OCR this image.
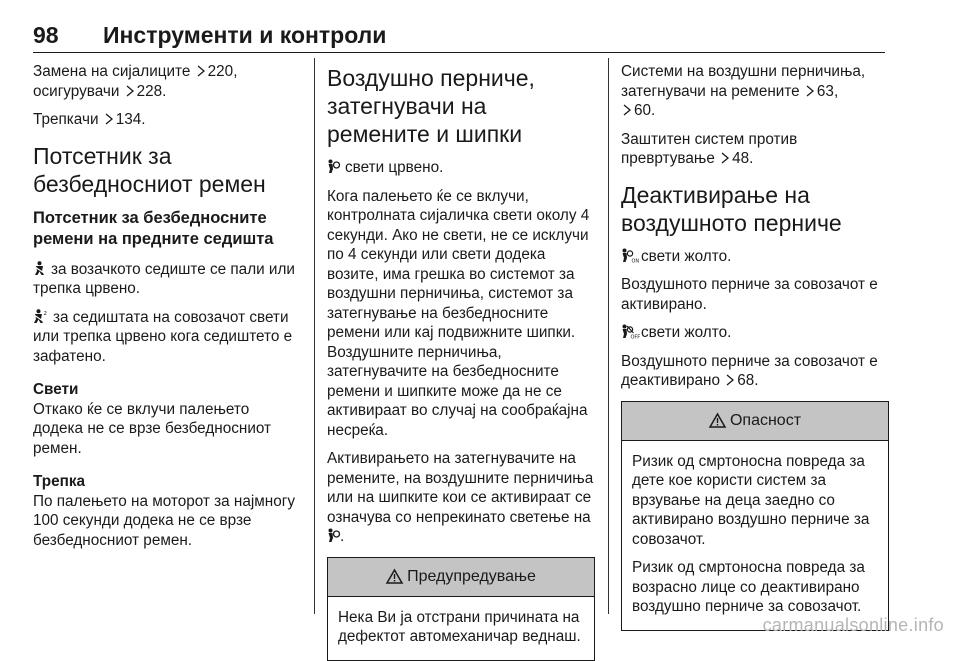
98 Инструменти и контроли

Замена на сијалиците 220,
осигурувачи 228.

Трепкачи 134.

Потсетник за безбедносниот ремен
Потсетник за безбедносните ремени на предните седишта

за возачкото седиште се пали или трепка црвено.

2 за седиштата на совозачот свети или трепка црвено кога седиштето е зафатено.

Свети

Откако ќе се вклучи палењето додека не се врзе безбедносниот ремен.

Трепка

По палењето на моторот за најмногу 100 секунди додека не се врзе безбедносниот ремен.

Воздушно перниче, затегнувачи на ремените и шипки

свети црвено.

Кога палењето ќе се вклучи, контролната сијаличка свети околу 4 секунди. Ако не свети, не се исклучи по 4 секунди или свети додека возите, има грешка во системот за воздушни перничиња, системот за затегнување на безбедносните ремени или кај подвижните шипки. Воздушните перничиња, затегнувачите на безбедносните ремени и шипките може да не се активираат во случај на сообраќајна несреќа.

Активирањето на затегнувачите на ремените, на воздушните перничиња или на шипките кои се активираат се означува со непрекинато светење на
.

Предупредување

Нека Ви ја отстрани причината на дефектот автомеханичар веднаш.

Системи на воздушни перничиња, затегнувачи на ремените 63,

60.

Заштитен систем против превртување 48.

Деактивирање на воздушното перниче

ON свети жолто.

Воздушното перниче за совозачот е активирано.

OFF свети жолто.

Воздушното перниче за совозачот е деактивирано 68.

Опасност

Ризик од смртоносна повреда за дете кое користи систем за врзување на деца заедно со активирано воздушно перниче за совозачот.

Ризик од смртоносна повреда за возрасно лице со деактивирано воздушно перниче за совозачот.

carmanualsonline.info
